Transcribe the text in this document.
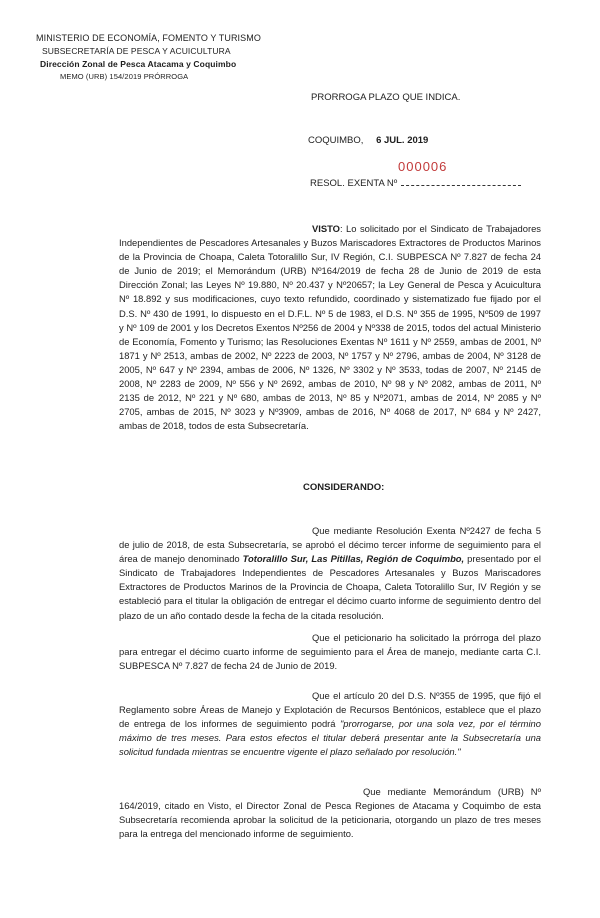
MINISTERIO DE ECONOMÍA, FOMENTO Y TURISMO
SUBSECRETARÍA DE PESCA Y ACUICULTURA
Dirección Zonal de Pesca Atacama y Coquimbo
MEMO (URB) 154/2019 PRÓRROGA
PRORROGA PLAZO QUE INDICA.
COQUIMBO, 6 JUL. 2019
000006
RESOL. EXENTA Nº
VISTO: Lo solicitado por el Sindicato de Trabajadores Independientes de Pescadores Artesanales y Buzos Mariscadores Extractores de Productos Marinos de la Provincia de Choapa, Caleta Totoralillo Sur, IV Región, C.I. SUBPESCA Nº 7.827 de fecha 24 de Junio de 2019; el Memorándum (URB) Nº164/2019 de fecha 28 de Junio de 2019 de esta Dirección Zonal; las Leyes Nº 19.880, Nº 20.437 y Nº20657; la Ley General de Pesca y Acuicultura Nº 18.892 y sus modificaciones, cuyo texto refundido, coordinado y sistematizado fue fijado por el D.S. Nº 430 de 1991, lo dispuesto en el D.F.L. Nº 5 de 1983, el D.S. Nº 355 de 1995, Nº509 de 1997 y Nº 109 de 2001 y los Decretos Exentos Nº256 de 2004 y Nº338 de 2015, todos del actual Ministerio de Economía, Fomento y Turismo; las Resoluciones Exentas Nº 1611 y Nº 2559, ambas de 2001, Nº 1871 y Nº 2513, ambas de 2002, Nº 2223 de 2003, Nº 1757 y Nº 2796, ambas de 2004, Nº 3128 de 2005, Nº 647 y Nº 2394, ambas de 2006, Nº 1326, Nº 3302 y Nº 3533, todas de 2007, Nº 2145 de 2008, Nº 2283 de 2009, Nº 556 y Nº 2692, ambas de 2010, Nº 98 y Nº 2082, ambas de 2011, Nº 2135 de 2012, Nº 221 y Nº 680, ambas de 2013, Nº 85 y Nº2071, ambas de 2014, Nº 2085 y Nº 2705, ambas de 2015, Nº 3023 y Nº3909, ambas de 2016, Nº 4068 de 2017, Nº 684 y Nº 2427, ambas de 2018, todos de esta Subsecretaría.
CONSIDERANDO:
Que mediante Resolución Exenta Nº2427 de fecha 5 de julio de 2018, de esta Subsecretaría, se aprobó el décimo tercer informe de seguimiento para el área de manejo denominado Totoralillo Sur, Las Pitillas, Región de Coquimbo, presentado por el Sindicato de Trabajadores Independientes de Pescadores Artesanales y Buzos Mariscadores Extractores de Productos Marinos de la Provincia de Choapa, Caleta Totoralillo Sur, IV Región y se estableció para el titular la obligación de entregar el décimo cuarto informe de seguimiento dentro del plazo de un año contado desde la fecha de la citada resolución.
Que el peticionario ha solicitado la prórroga del plazo para entregar el décimo cuarto informe de seguimiento para el Área de manejo, mediante carta C.I. SUBPESCA Nº 7.827 de fecha 24 de Junio de 2019.
Que el artículo 20 del D.S. Nº355 de 1995, que fijó el Reglamento sobre Áreas de Manejo y Explotación de Recursos Bentónicos, establece que el plazo de entrega de los informes de seguimiento podrá "prorrogarse, por una sola vez, por el término máximo de tres meses. Para estos efectos el titular deberá presentar ante la Subsecretaría una solicitud fundada mientras se encuentre vigente el plazo señalado por resolución."
Que mediante Memorándum (URB) Nº 164/2019, citado en Visto, el Director Zonal de Pesca Regiones de Atacama y Coquimbo de esta Subsecretaría recomienda aprobar la solicitud de la peticionaria, otorgando un plazo de tres meses para la entrega del mencionado informe de seguimiento.
